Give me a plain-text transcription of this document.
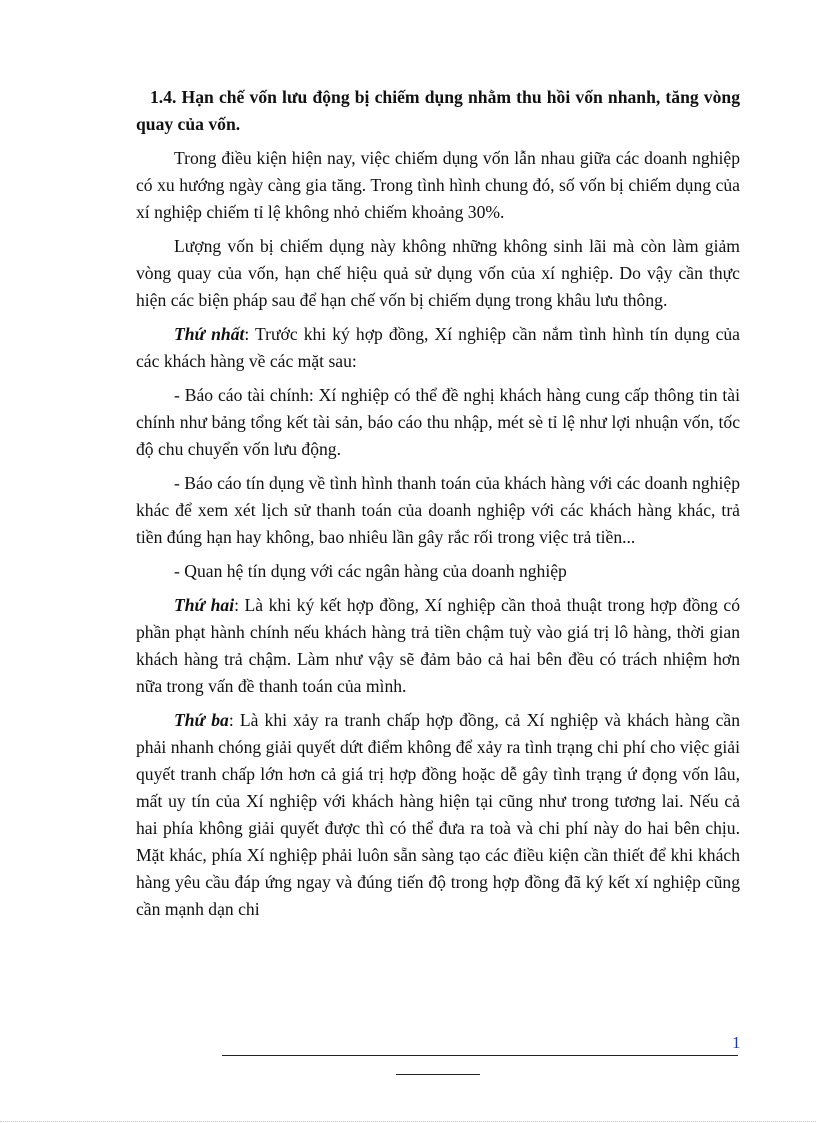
1.4. Hạn chế vốn lưu động bị chiếm dụng nhằm thu hồi vốn nhanh, tăng vòng quay của vốn.

Trong điều kiện hiện nay, việc chiếm dụng vốn lẫn nhau giữa các doanh nghiệp có xu hướng ngày càng gia tăng. Trong tình hình chung đó, số vốn bị chiếm dụng của xí nghiệp chiếm tỉ lệ không nhỏ chiếm khoảng 30%.

Lượng vốn bị chiếm dụng này không những không sinh lãi mà còn làm giảm vòng quay của vốn, hạn chế hiệu quả sử dụng vốn của xí nghiệp. Do vậy cần thực hiện các biện pháp sau để hạn chế vốn bị chiếm dụng trong khâu lưu thông.

Thứ nhất: Trước khi ký hợp đồng, Xí nghiệp cần nắm tình hình tín dụng của các khách hàng về các mặt sau:

- Báo cáo tài chính: Xí nghiệp có thể đề nghị khách hàng cung cấp thông tin tài chính như bảng tổng kết tài sản, báo cáo thu nhập, mét sè tỉ lệ như lợi nhuận vốn, tốc độ chu chuyển vốn lưu động.

- Báo cáo tín dụng về tình hình thanh toán của khách hàng với các doanh nghiệp khác để xem xét lịch sử thanh toán của doanh nghiệp với các khách hàng khác, trả tiền đúng hạn hay không, bao nhiêu lần gây rắc rối trong việc trả tiền...

- Quan hệ tín dụng với các ngân hàng của doanh nghiệp

Thứ hai: Là khi ký kết hợp đồng, Xí nghiệp cần thoả thuật trong hợp đồng có phần phạt hành chính nếu khách hàng trả tiền chậm tuỳ vào giá trị lô hàng, thời gian khách hàng trả chậm. Làm như vậy sẽ đảm bảo cả hai bên đều có trách nhiệm hơn nữa trong vấn đề thanh toán của mình.

Thứ ba: Là khi xảy ra tranh chấp hợp đồng, cả Xí nghiệp và khách hàng cần phải nhanh chóng giải quyết dứt điểm không để xảy ra tình trạng chi phí cho việc giải quyết tranh chấp lớn hơn cả giá trị hợp đồng hoặc dễ gây tình trạng ứ đọng vốn lâu, mất uy tín của Xí nghiệp với khách hàng hiện tại cũng như trong tương lai. Nếu cả hai phía không giải quyết được thì có thể đưa ra toà và chi phí này do hai bên chịu. Mặt khác, phía Xí nghiệp phải luôn sẵn sàng tạo các điều kiện cần thiết để khi khách hàng yêu cầu đáp ứng ngay và đúng tiến độ trong hợp đồng đã ký kết xí nghiệp cũng cần mạnh dạn chi

1
